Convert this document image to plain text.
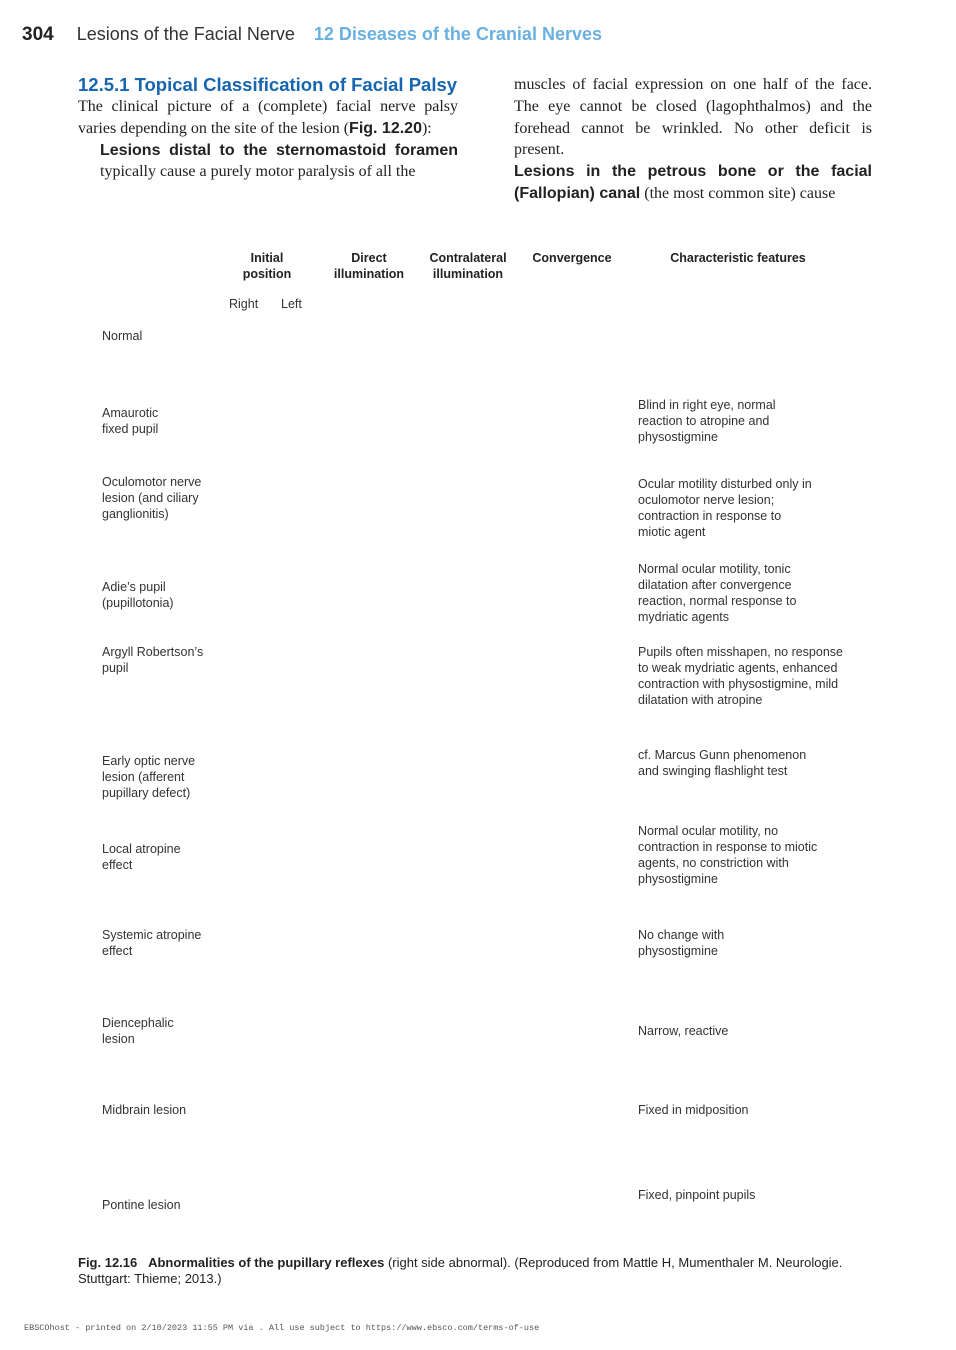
304 Lesions of the Facial Nerve 12 Diseases of the Cranial Nerves
12.5.1 Topical Classification of Facial Palsy

The clinical picture of a (complete) facial nerve palsy varies depending on the site of the lesion (Fig. 12.20):

Lesions distal to the sternomastoid foramen typically cause a purely motor paralysis of all the

muscles of facial expression on one half of the face. The eye cannot be closed (lagophthalmos) and the forehead cannot be wrinkled. No other deficit is present.

Lesions in the petrous bone or the facial (Fallopian) canal (the most common site) cause

Initial position
Direct illumination
Contralateral illumination
Convergence	Characteristic features
Right Left
Normal
Amaurotic fixed pupil
Oculomotor nerve lesion (and ciliary ganglionitis)
Adie’s pupil (pupillotonia)
Argyll Robertson’s pupil
Early optic nerve lesion (afferent pupillary defect)
Local atropine effect
Systemic atropine effect
Diencephalic lesion
Midbrain lesion
Pontine lesion
Blind in right eye, normal reaction to atropine and physostigmine
Ocular motility disturbed only in oculomotor nerve lesion; contraction in response to miotic agent
Normal ocular motility, tonic dilatation after convergence reaction, normal response to mydriatic agents
Pupils often misshapen, no response to weak mydriatic agents, enhanced contraction with physostigmine, mild dilatation with atropine
cf. Marcus Gunn phenomenon and swinging flashlight test
Normal ocular motility, no contraction in response to miotic agents, no constriction with physostigmine
No change with physostigmine
Narrow, reactive
Fixed in midposition
Fixed, pinpoint pupils
Fig. 12.16 Abnormalities of the pupillary reflexes (right side abnormal). (Reproduced from Mattle H, Mumenthaler M. Neurologie. Stuttgart: Thieme; 2013.)
EBSCOhost - printed on 2/10/2023 11:55 PM via . All use subject to https://www.ebsco.com/terms-of-use
